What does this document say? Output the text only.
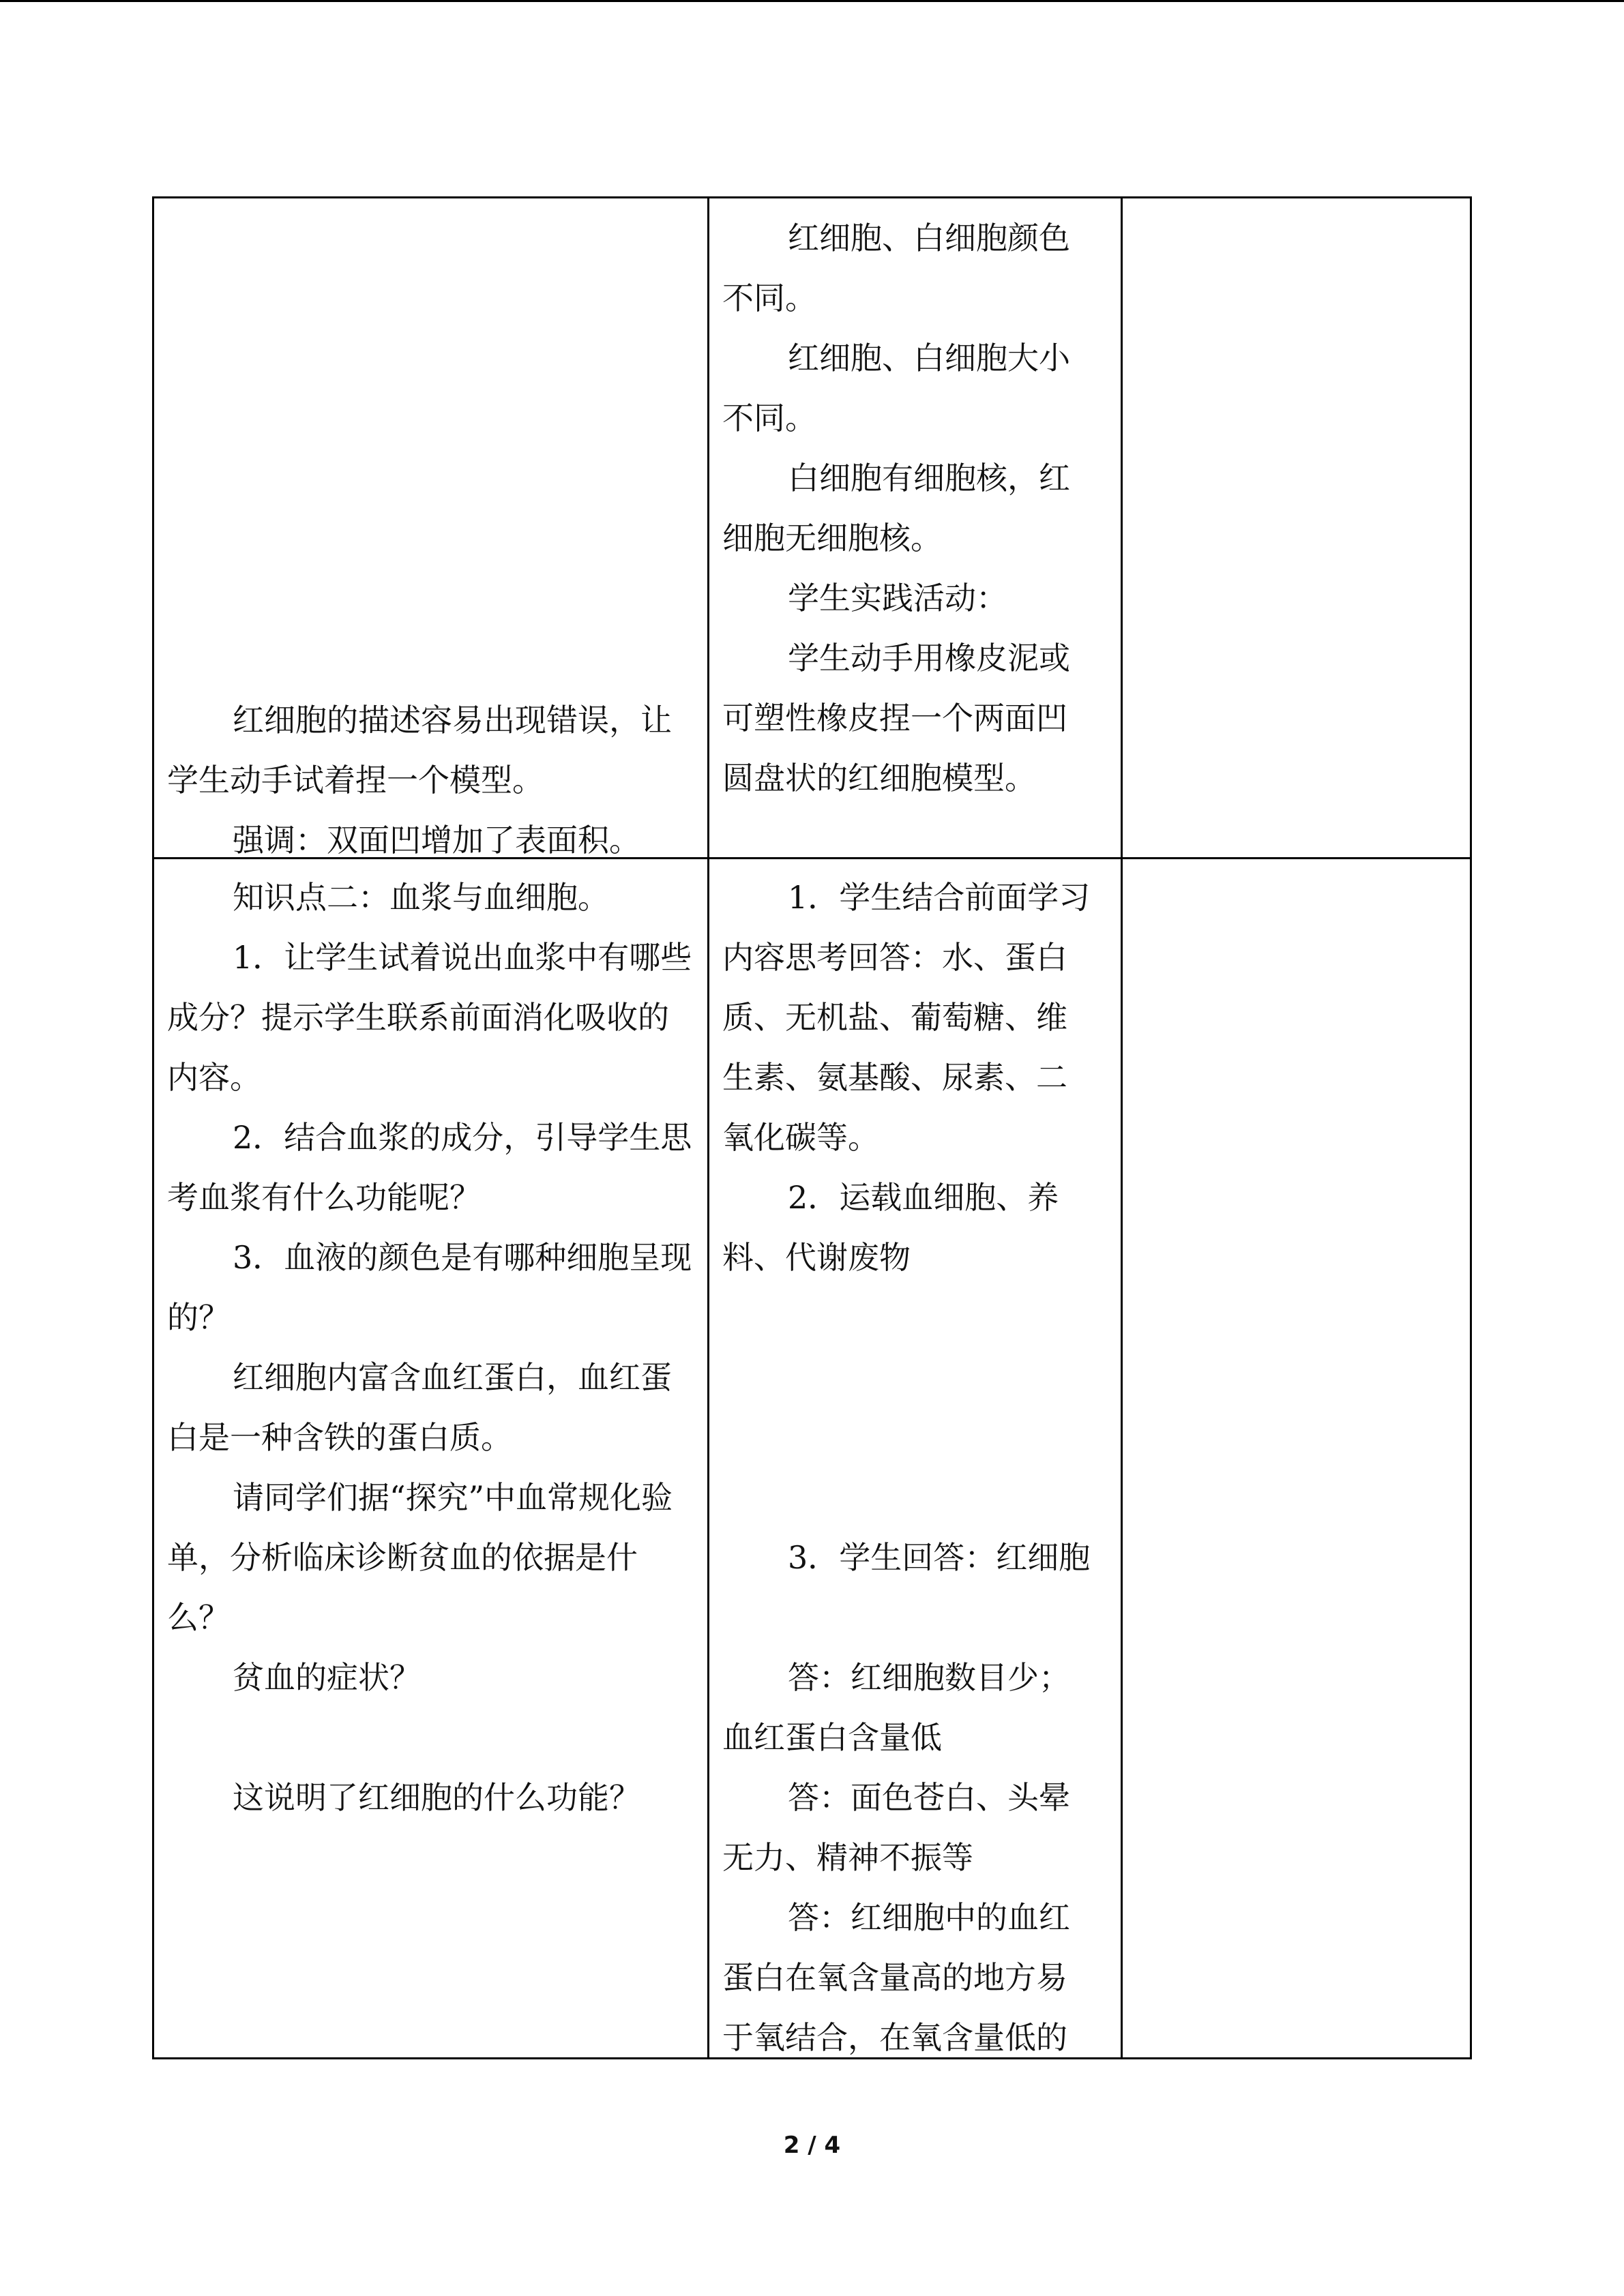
红细胞的描述容易出现错误，让学生动手试着捏一个模型。

强调：双面凹增加了表面积。

红细胞、白细胞颜色不同。

红细胞、白细胞大小不同。

白细胞有细胞核，红细胞无细胞核。

学生实践活动：

学生动手用橡皮泥或可塑性橡皮捏一个两面凹圆盘状的红细胞模型。

知识点二：血浆与血细胞。

1．让学生试着说出血浆中有哪些成分？提示学生联系前面消化吸收的内容。

2．结合血浆的成分，引导学生思考血浆有什么功能呢？

3．血液的颜色是有哪种细胞呈现的？

红细胞内富含血红蛋白，血红蛋白是一种含铁的蛋白质。

请同学们据“探究”中血常规化验单，分析临床诊断贫血的依据是什么？

贫血的症状？

这说明了红细胞的什么功能？

1．学生结合前面学习内容思考回答：水、蛋白质、无机盐、葡萄糖、维生素、氨基酸、尿素、二氧化碳等。

2．运载血细胞、养料、代谢废物

3．学生回答：红细胞

答：红细胞数目少；血红蛋白含量低

答：面色苍白、头晕无力、精神不振等

答：红细胞中的血红蛋白在氧含量高的地方易于氧结合，在氧含量低的

2 / 4
